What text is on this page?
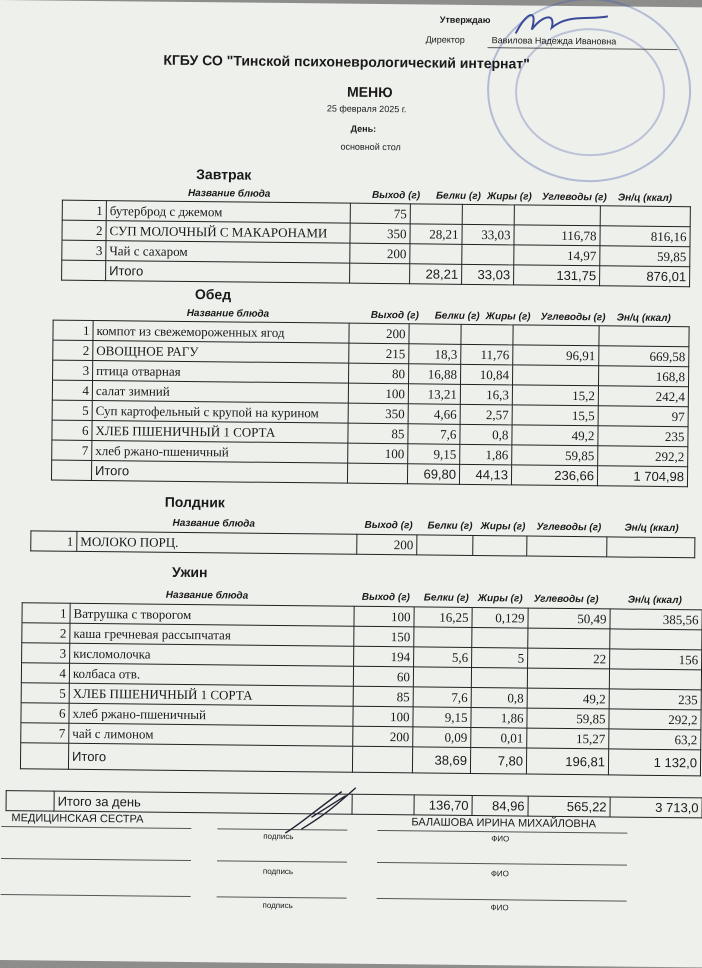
Утверждаю
Директор	Вавилова Надежда Ивановна
КГБУ СО "Тинской психоневрологический интернат"
МЕНЮ
25 февраля 2025 г.
День:
основной стол
Завтрак
Название блюда	Выход (г) Белки (г) Жиры (г) Углеводы (г) Эн/ц (ккал)
1	бутерброд с джемом	75				
2	СУП МОЛОЧНЫЙ С МАКАРОНАМИ	350	28,21	33,03	116,78	816,16
3	Чай с сахаром	200			14,97	59,85
	Итого		28,21	33,03	131,75	876,01
Обед
Название блюда	Выход (г) Белки (г) Жиры (г) Углеводы (г) Эн/ц (ккал)
1	компот из свежемороженных ягод	200				
2	ОВОЩНОЕ РАГУ	215	18,3	11,76	96,91	669,58
3	птица отварная	80	16,88	10,84		168,8
4	салат зимний	100	13,21	16,3	15,2	242,4
5	Суп картофельный с крупой на курином	350	4,66	2,57	15,5	97
6	ХЛЕБ ПШЕНИЧНЫЙ 1 СОРТА	85	7,6	0,8	49,2	235
7	хлеб ржано-пшеничный	100	9,15	1,86	59,85	292,2
	Итого		69,80	44,13	236,66	1 704,98
Полдник
Название блюда	Выход (г) Белки (г) Жиры (г) Углеводы (г) Эн/ц (ккал)
1	МОЛОКО ПОРЦ.	200				
Ужин
Название блюда	Выход (г) Белки (г) Жиры (г) Углеводы (г)	Эн/ц (ккал)
1	Ватрушка с творогом	100	16,25	0,129	50,49	385,56
2	каша гречневая рассыпчатая	150				
3	кисломолочка	194	5,6	5	22	156
4	колбаса отв.	60				
5	ХЛЕБ ПШЕНИЧНЫЙ 1 СОРТА	85	7,6	0,8	49,2	235
6	хлеб ржано-пшеничный	100	9,15	1,86	59,85	292,2
7	чай с лимоном	200	0,09	0,01	15,27	63,2
	Итого		38,69	7,80	196,81	1 132,0
	Итого за день		136,70	84,96	565,22	3 713,0
МЕДИЦИНСКАЯ СЕСТРА	БАЛАШОВА ИРИНА МИХАЙЛОВНА
подпись	ФИО
подпись	ФИО
подпись	ФИО
